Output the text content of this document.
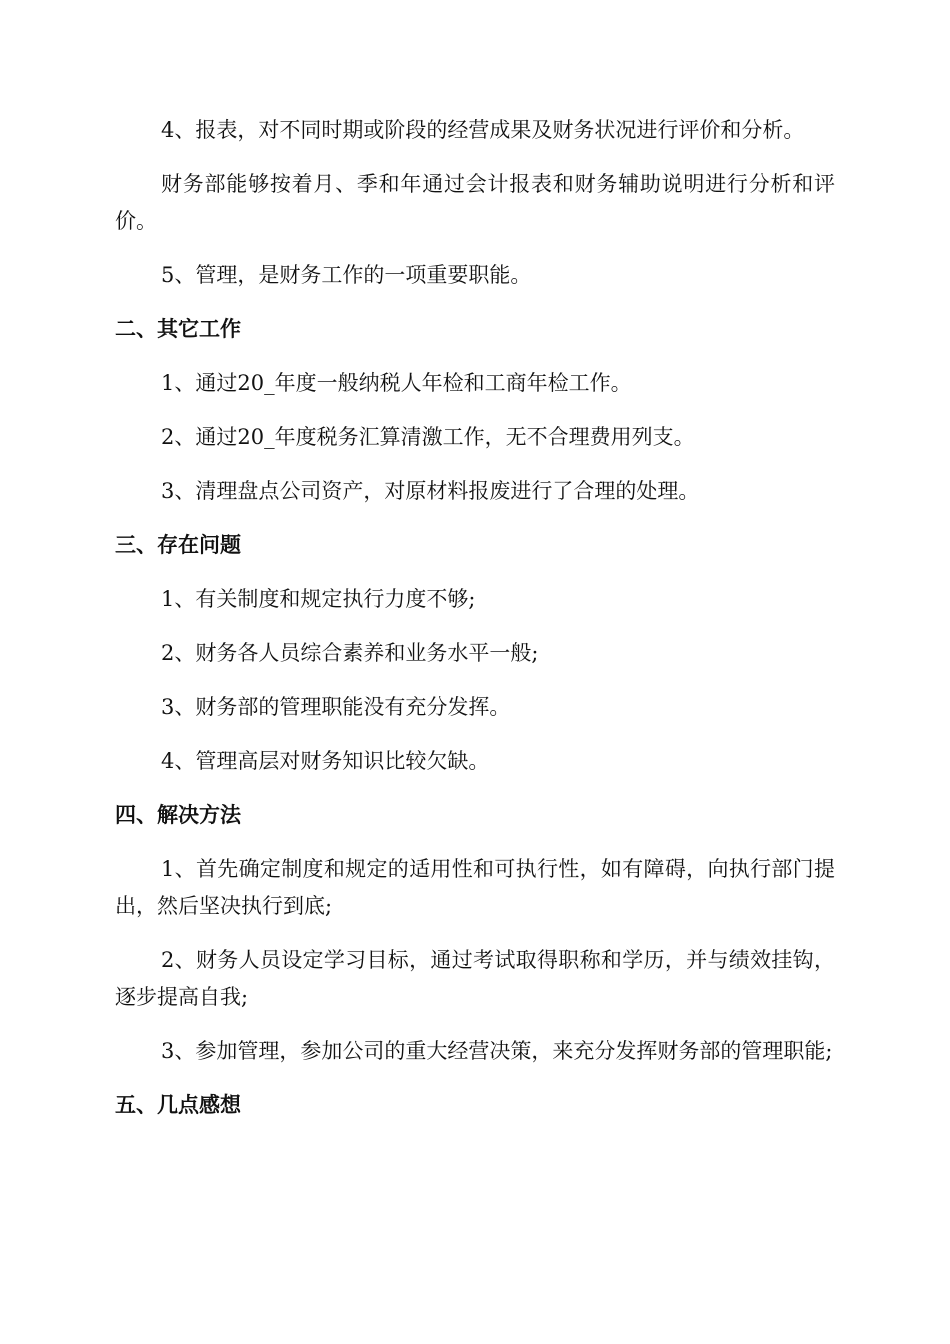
4、报表，对不同时期或阶段的经营成果及财务状况进行评价和分析。

财务部能够按着月、季和年通过会计报表和财务辅助说明进行分析和评价。

5、管理，是财务工作的一项重要职能。

二、其它工作

1、通过20_年度一般纳税人年检和工商年检工作。

2、通过20_年度税务汇算清激工作，无不合理费用列支。

3、清理盘点公司资产，对原材料报废进行了合理的处理。

三、存在问题

1、有关制度和规定执行力度不够;

2、财务各人员综合素养和业务水平一般;

3、财务部的管理职能没有充分发挥。

4、管理高层对财务知识比较欠缺。

四、解决方法

1、首先确定制度和规定的适用性和可执行性，如有障碍，向执行部门提出，然后坚决执行到底;

2、财务人员设定学习目标，通过考试取得职称和学历，并与绩效挂钩，逐步提高自我;

3、参加管理，参加公司的重大经营决策，来充分发挥财务部的管理职能;

五、几点感想
